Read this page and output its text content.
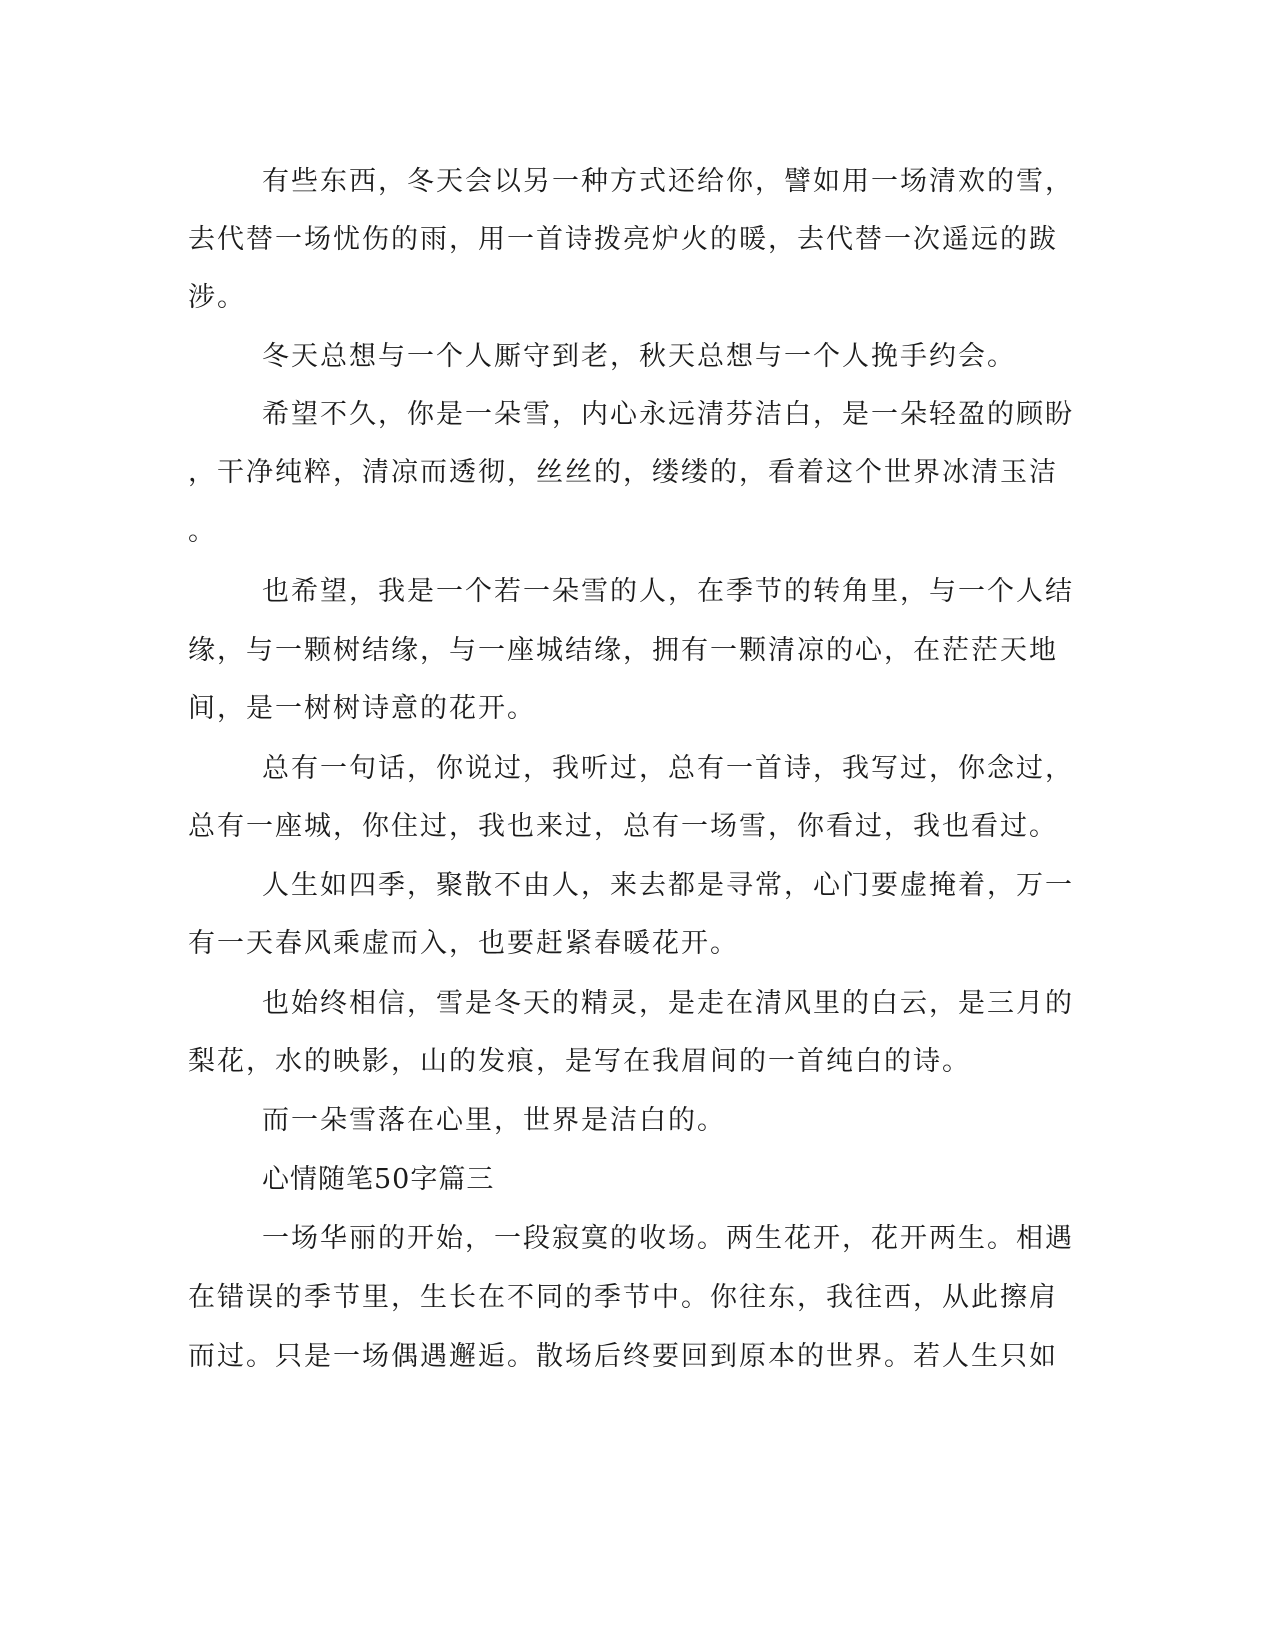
有些东西，冬天会以另一种方式还给你，譬如用一场清欢的雪，
去代替一场忧伤的雨，用一首诗拨亮炉火的暖，去代替一次遥远的跋
涉。
冬天总想与一个人厮守到老，秋天总想与一个人挽手约会。
希望不久，你是一朵雪，内心永远清芬洁白，是一朵轻盈的顾盼
，干净纯粹，清凉而透彻，丝丝的，缕缕的，看着这个世界冰清玉洁
。
也希望，我是一个若一朵雪的人，在季节的转角里，与一个人结
缘，与一颗树结缘，与一座城结缘，拥有一颗清凉的心，在茫茫天地
间，是一树树诗意的花开。
总有一句话，你说过，我听过，总有一首诗，我写过，你念过，
总有一座城，你住过，我也来过，总有一场雪，你看过，我也看过。
人生如四季，聚散不由人，来去都是寻常，心门要虚掩着，万一
有一天春风乘虚而入，也要赶紧春暖花开。
也始终相信，雪是冬天的精灵，是走在清风里的白云，是三月的
梨花，水的映影，山的发痕，是写在我眉间的一首纯白的诗。
而一朵雪落在心里，世界是洁白的。
心情随笔50字篇三
一场华丽的开始，一段寂寞的收场。两生花开，花开两生。相遇
在错误的季节里，生长在不同的季节中。你往东，我往西，从此擦肩
而过。只是一场偶遇邂逅。散场后终要回到原本的世界。若人生只如
